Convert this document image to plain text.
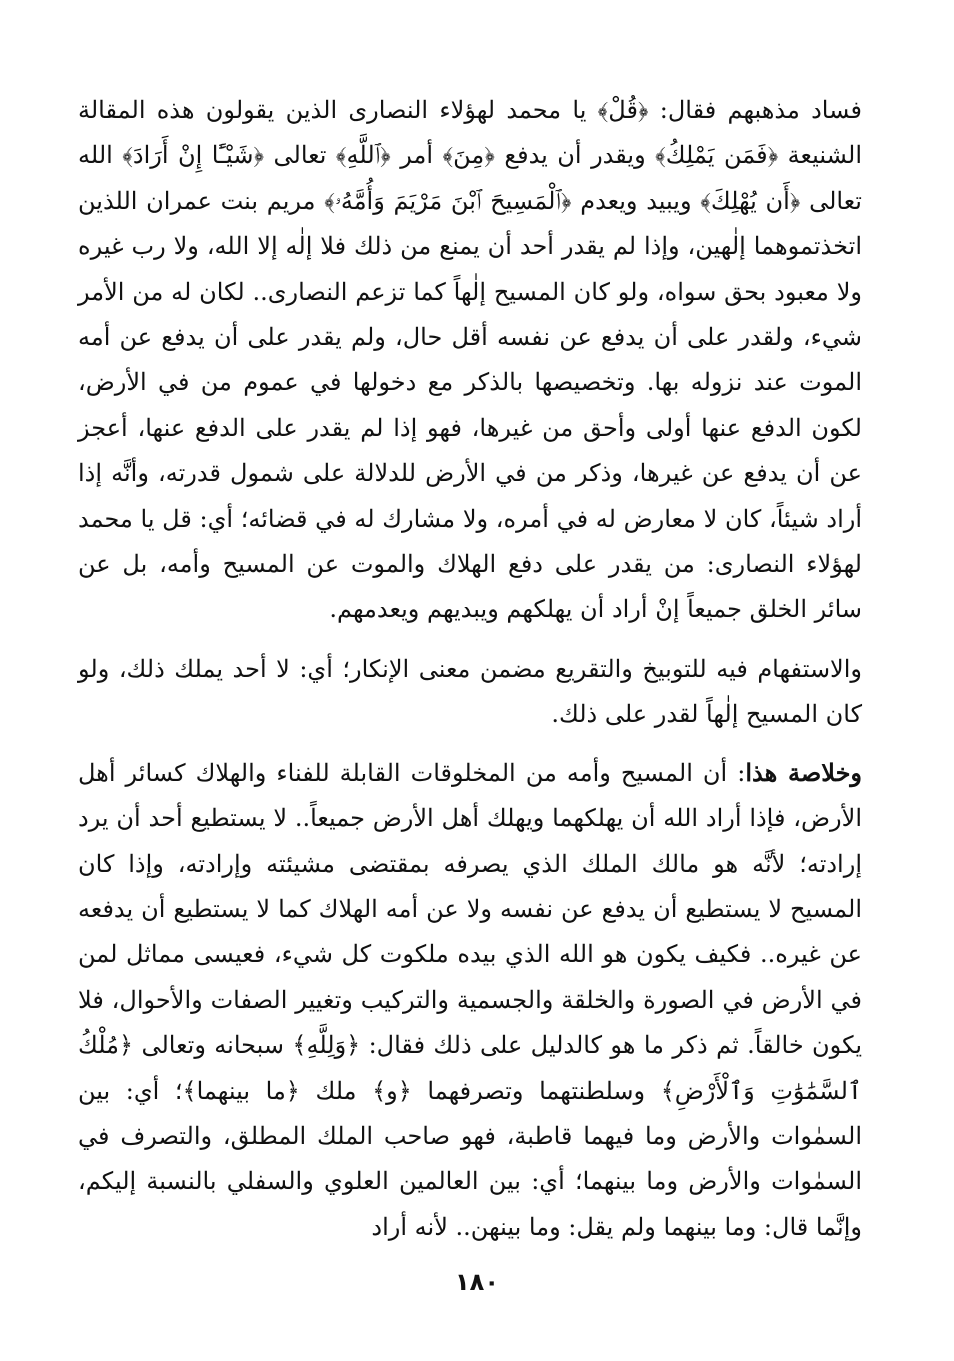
فساد مذهبهم فقال: ﴿قُلْ﴾ يا محمد لهؤلاء النصارى الذين يقولون هذه المقالة الشنيعة ﴿فَمَن يَمْلِكُ﴾ ويقدر أن يدفع ﴿مِنَ﴾ أمر ﴿ٱللَّهِ﴾ تعالى ﴿شَيْـًٔا إِنْ أَرَادَ﴾ الله تعالى ﴿أَن يُهْلِكَ﴾ ويبيد ويعدم ﴿ٱلْمَسِيحَ ٱبْنَ مَرْيَمَ وَأُمَّهُۥ﴾ مريم بنت عمران اللذين اتخذتموهما إلٰهين، وإذا لم يقدر أحد أن يمنع من ذلك فلا إلٰه إلا الله، ولا رب غيره ولا معبود بحق سواه، ولو كان المسيح إلٰهاً كما تزعم النصارى.. لكان له من الأمر شيء، ولقدر على أن يدفع عن نفسه أقل حال، ولم يقدر على أن يدفع عن أمه الموت عند نزوله بها. وتخصيصها بالذكر مع دخولها في عموم من في الأرض، لكون الدفع عنها أولى وأحق من غيرها، فهو إذا لم يقدر على الدفع عنها، أعجز عن أن يدفع عن غيرها، وذكر من في الأرض للدلالة على شمول قدرته، وأنَّه إذا أراد شيئاً، كان لا معارض له في أمره، ولا مشارك له في قضائه؛ أي: قل يا محمد لهؤلاء النصارى: من يقدر على دفع الهلاك والموت عن المسيح وأمه، بل عن سائر الخلق جميعاً إنْ أراد أن يهلكهم ويبديهم ويعدمهم.

والاستفهام فيه للتوبيخ والتقريع مضمن معنى الإنكار؛ أي: لا أحد يملك ذلك، ولو كان المسيح إلٰهاً لقدر على ذلك.

وخلاصة هذا: أن المسيح وأمه من المخلوقات القابلة للفناء والهلاك كسائر أهل الأرض، فإذا أراد الله أن يهلكهما ويهلك أهل الأرض جميعاً.. لا يستطيع أحد أن يرد إرادته؛ لأنَّه هو مالك الملك الذي يصرفه بمقتضى مشيئته وإرادته، وإذا كان المسيح لا يستطيع أن يدفع عن نفسه ولا عن أمه الهلاك كما لا يستطيع أن يدفعه عن غيره.. فكيف يكون هو الله الذي بيده ملكوت كل شيء، فعيسى مماثل لمن في الأرض في الصورة والخلقة والجسمية والتركيب وتغيير الصفات والأحوال، فلا يكون خالقاً. ثم ذكر ما هو كالدليل على ذلك فقال: ﴿وَلِلَّهِ﴾ سبحانه وتعالى ﴿مُلْكُ ٱلسَّمَٰوَٰتِ وَٱلْأَرْضِ﴾ وسلطنتهما وتصرفهما ﴿و﴾ ملك ﴿ما بينهما﴾؛ أي: بين السمٰوات والأرض وما فيهما قاطبة، فهو صاحب الملك المطلق، والتصرف في السمٰوات والأرض وما بينهما؛ أي: بين العالمين العلوي والسفلي بالنسبة إليكم، وإنَّما قال: وما بينهما ولم يقل: وما بينهن.. لأنه أراد

١٨٠
